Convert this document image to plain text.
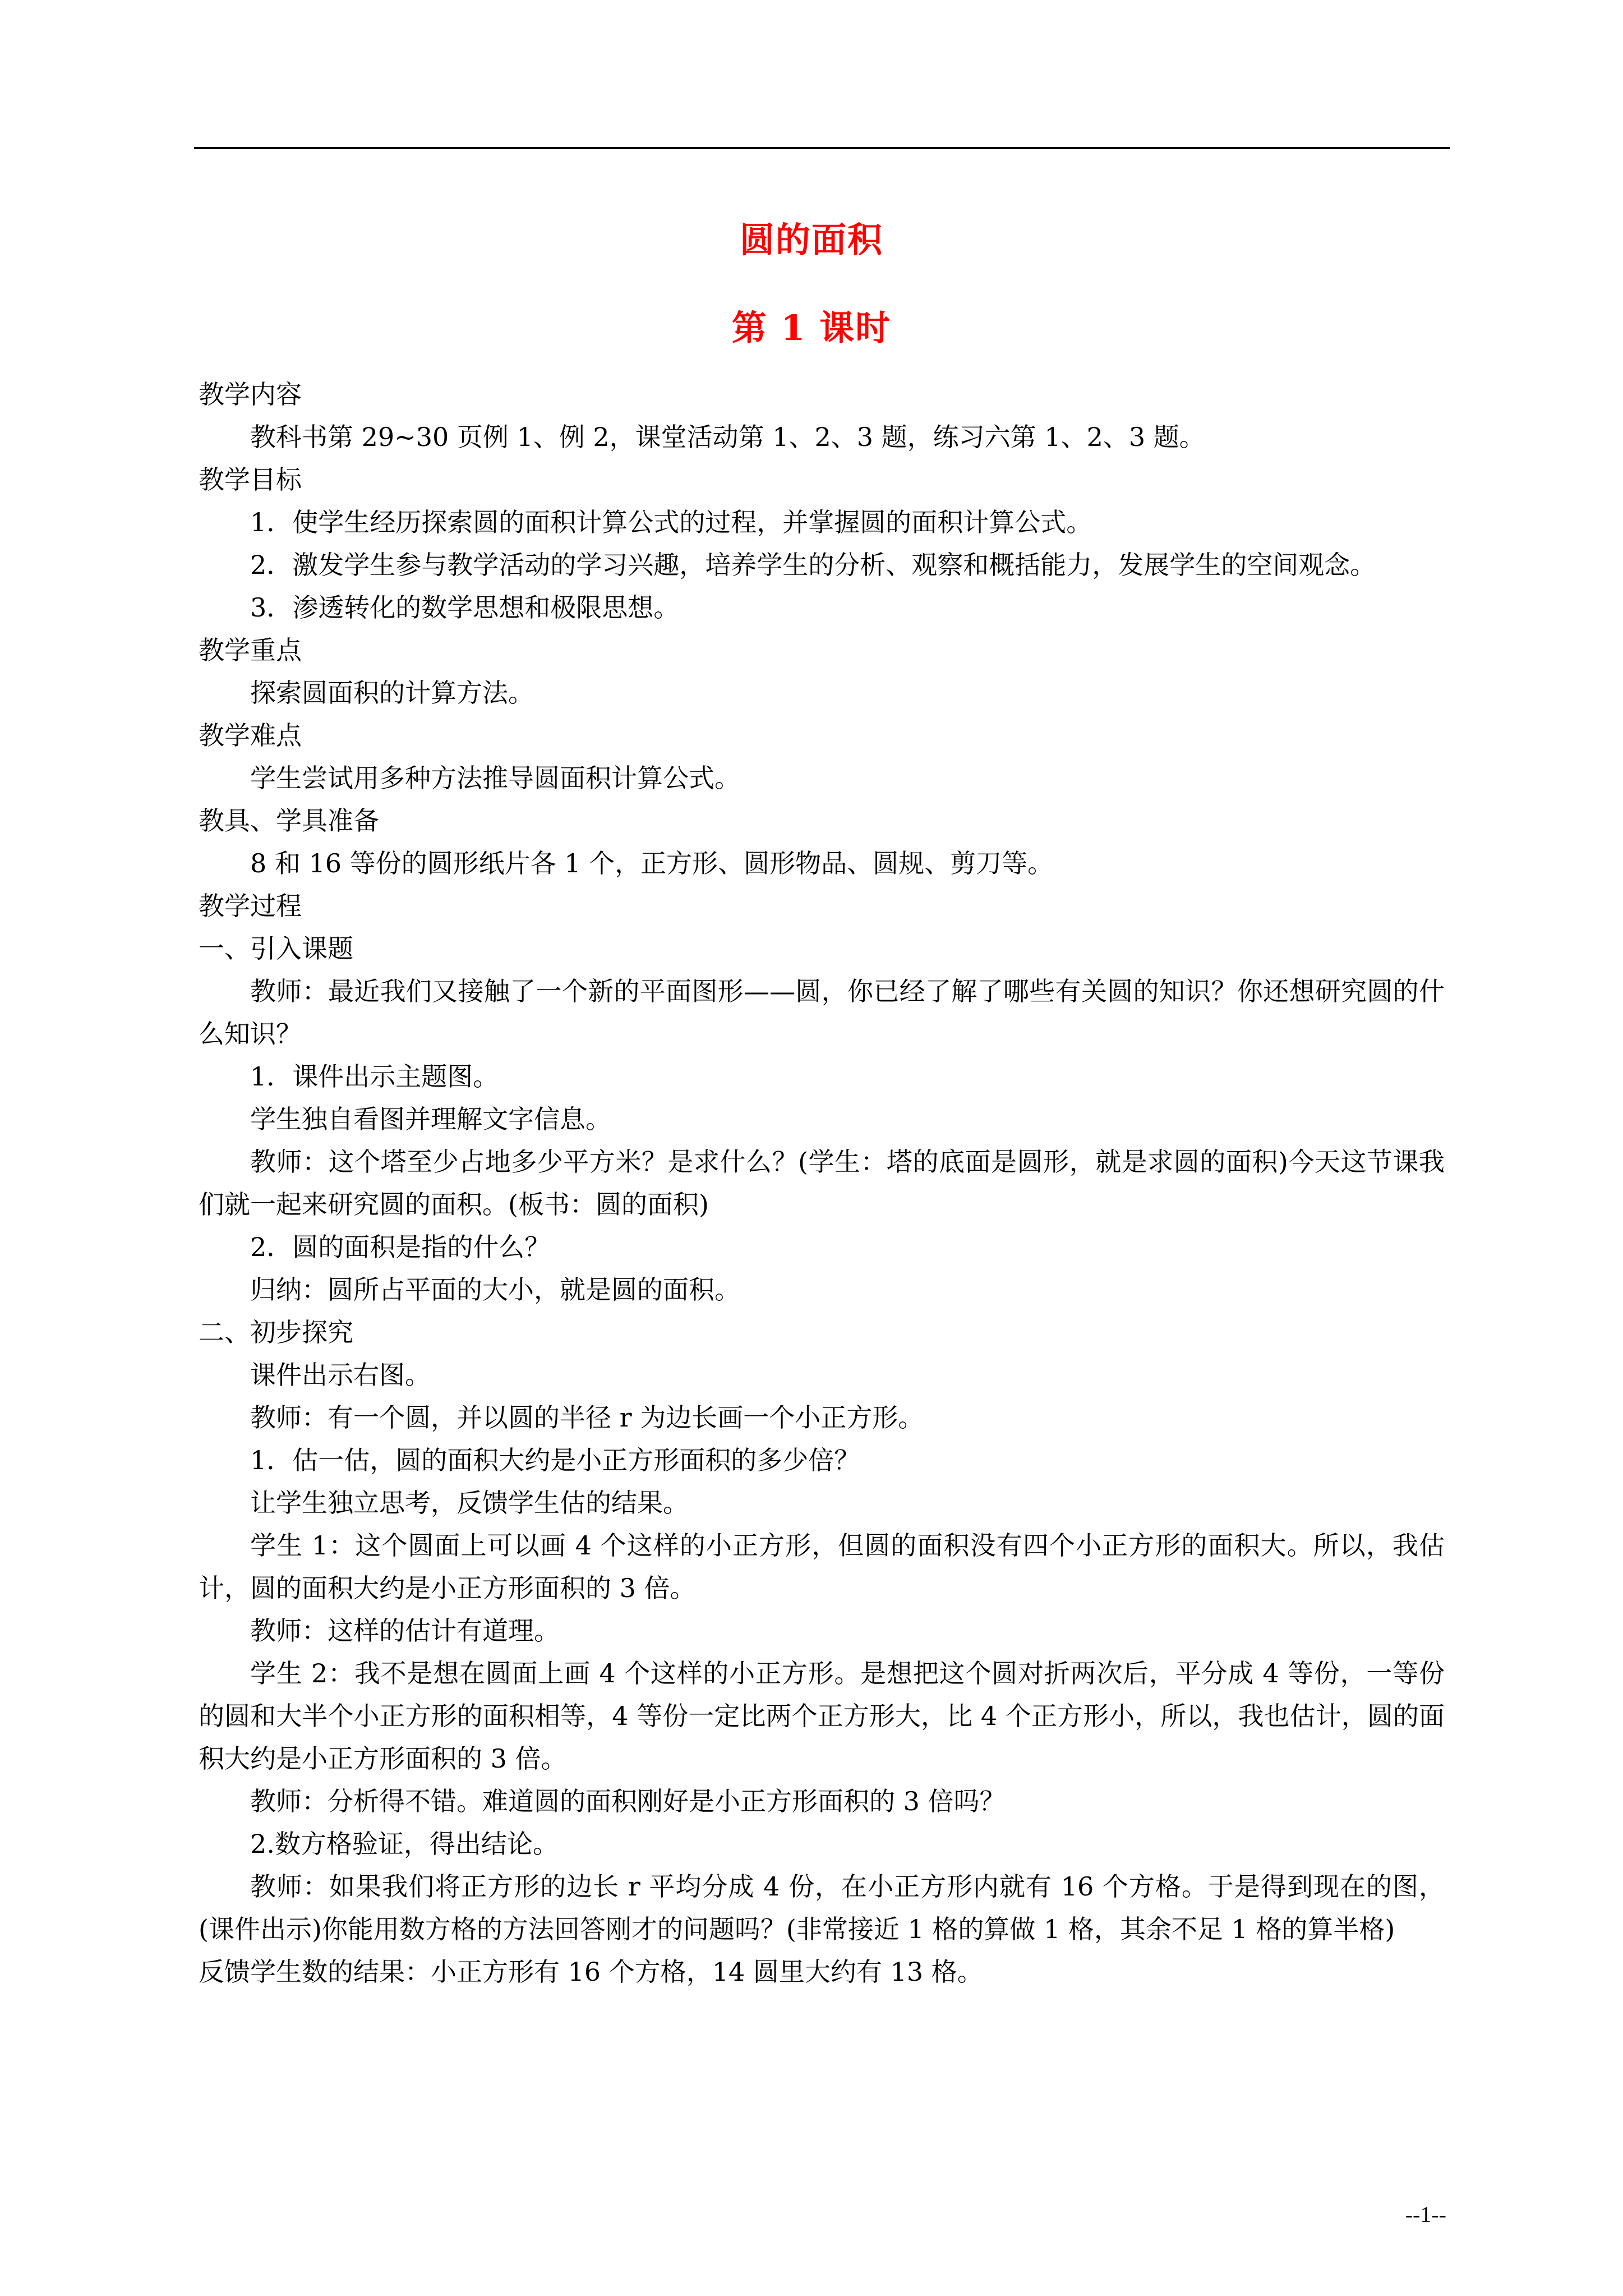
圆的面积
第 1 课时

教学内容

教科书第 29~30 页例 1、例 2，课堂活动第 1、2、3 题，练习六第 1、2、3 题。

教学目标

1．使学生经历探索圆的面积计算公式的过程，并掌握圆的面积计算公式。

2．激发学生参与教学活动的学习兴趣，培养学生的分析、观察和概括能力，发展学生的空间观念。

3．渗透转化的数学思想和极限思想。

教学重点

探索圆面积的计算方法。

教学难点

学生尝试用多种方法推导圆面积计算公式。

教具、学具准备

8 和 16 等份的圆形纸片各 1 个，正方形、圆形物品、圆规、剪刀等。

教学过程

一、引入课题

教师：最近我们又接触了一个新的平面图形——圆，你已经了解了哪些有关圆的知识？你还想研究圆的什么知识？

1．课件出示主题图。

学生独自看图并理解文字信息。

教师：这个塔至少占地多少平方米？是求什么？(学生：塔的底面是圆形，就是求圆的面积)今天这节课我们就一起来研究圆的面积。(板书：圆的面积)

2．圆的面积是指的什么？

归纳：圆所占平面的大小，就是圆的面积。

二、初步探究

课件出示右图。

教师：有一个圆，并以圆的半径 r 为边长画一个小正方形。

1．估一估，圆的面积大约是小正方形面积的多少倍？

让学生独立思考，反馈学生估的结果。

学生 1：这个圆面上可以画 4 个这样的小正方形，但圆的面积没有四个小正方形的面积大。所以，我估计，圆的面积大约是小正方形面积的 3 倍。

教师：这样的估计有道理。

学生 2：我不是想在圆面上画 4 个这样的小正方形。是想把这个圆对折两次后，平分成 4 等份，一等份的圆和大半个小正方形的面积相等，4 等份一定比两个正方形大，比 4 个正方形小，所以，我也估计，圆的面积大约是小正方形面积的 3 倍。

教师：分析得不错。难道圆的面积刚好是小正方形面积的 3 倍吗？

2.数方格验证，得出结论。

教师：如果我们将正方形的边长 r 平均分成 4 份，在小正方形内就有 16 个方格。于是得到现在的图，(课件出示)你能用数方格的方法回答刚才的问题吗？(非常接近 1 格的算做 1 格，其余不足 1 格的算半格)

反馈学生数的结果：小正方形有 16 个方格，14 圆里大约有 13 格。

--1--
